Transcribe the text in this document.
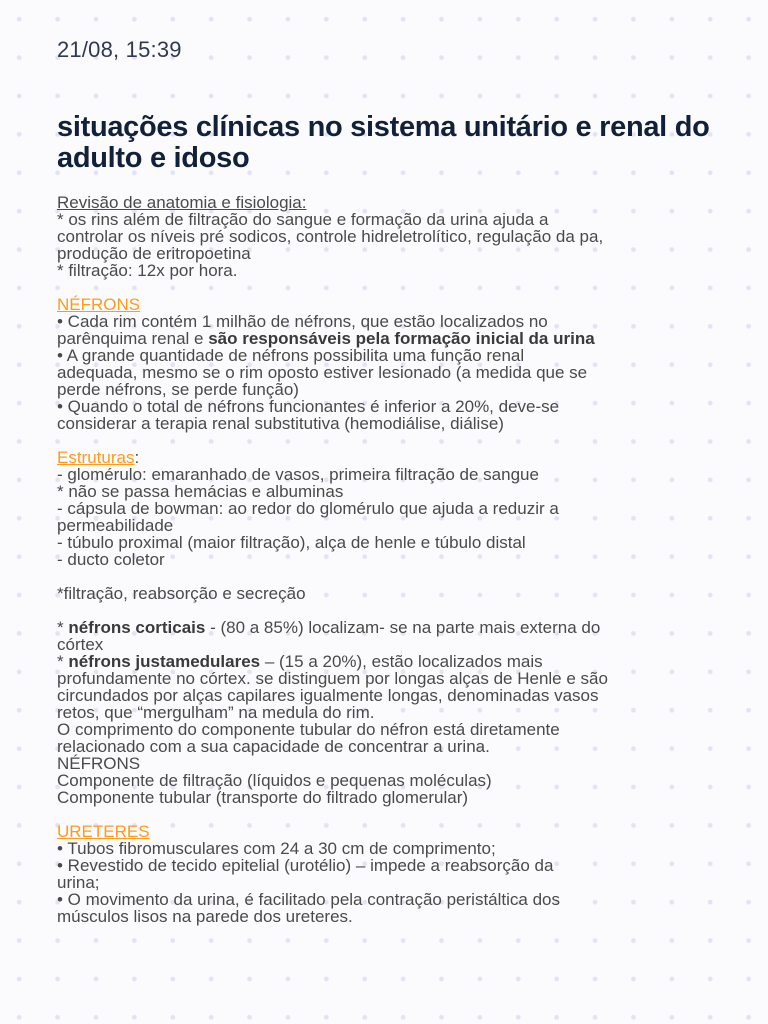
21/08, 15:39
situações clínicas no sistema unitário e renal do adulto e idoso
Revisão de anatomia e fisiologia:
* os rins além de filtração do sangue e formação da urina ajuda a
controlar os níveis pré sodicos, controle hidreletrolítico, regulação da pa,
produção de eritropoetina
* filtração: 12x por hora.
NÉFRONS
• Cada rim contém 1 milhão de néfrons, que estão localizados no
parênquima renal e são responsáveis pela formação inicial da urina
• A grande quantidade de néfrons possibilita uma função renal
adequada, mesmo se o rim oposto estiver lesionado (a medida que se
perde néfrons, se perde função)
• Quando o total de néfrons funcionantes é inferior a 20%, deve-se
considerar a terapia renal substitutiva (hemodiálise, diálise)
Estruturas:
- glomérulo: emaranhado de vasos, primeira filtração de sangue
* não se passa hemácias e albuminas
- cápsula de bowman: ao redor do glomérulo que ajuda a reduzir a
permeabilidade
- túbulo proximal (maior filtração), alça de henle e túbulo distal
- ducto coletor
*filtração, reabsorção e secreção
* néfrons corticais - (80 a 85%) localizam- se na parte mais externa do
córtex
* néfrons justamedulares – (15 a 20%), estão localizados mais
profundamente no córtex. se distinguem por longas alças de Henle e são
circundados por alças capilares igualmente longas, denominadas vasos
retos, que “mergulham” na medula do rim.
O comprimento do componente tubular do néfron está diretamente
relacionado com a sua capacidade de concentrar a urina.
NÉFRONS
Componente de filtração (líquidos e pequenas moléculas)
Componente tubular (transporte do filtrado glomerular)
URETERES
• Tubos fibromusculares com 24 a 30 cm de comprimento;
• Revestido de tecido epitelial (urotélio) – impede a reabsorção da
urina;
• O movimento da urina, é facilitado pela contração peristáltica dos
músculos lisos na parede dos ureteres.
